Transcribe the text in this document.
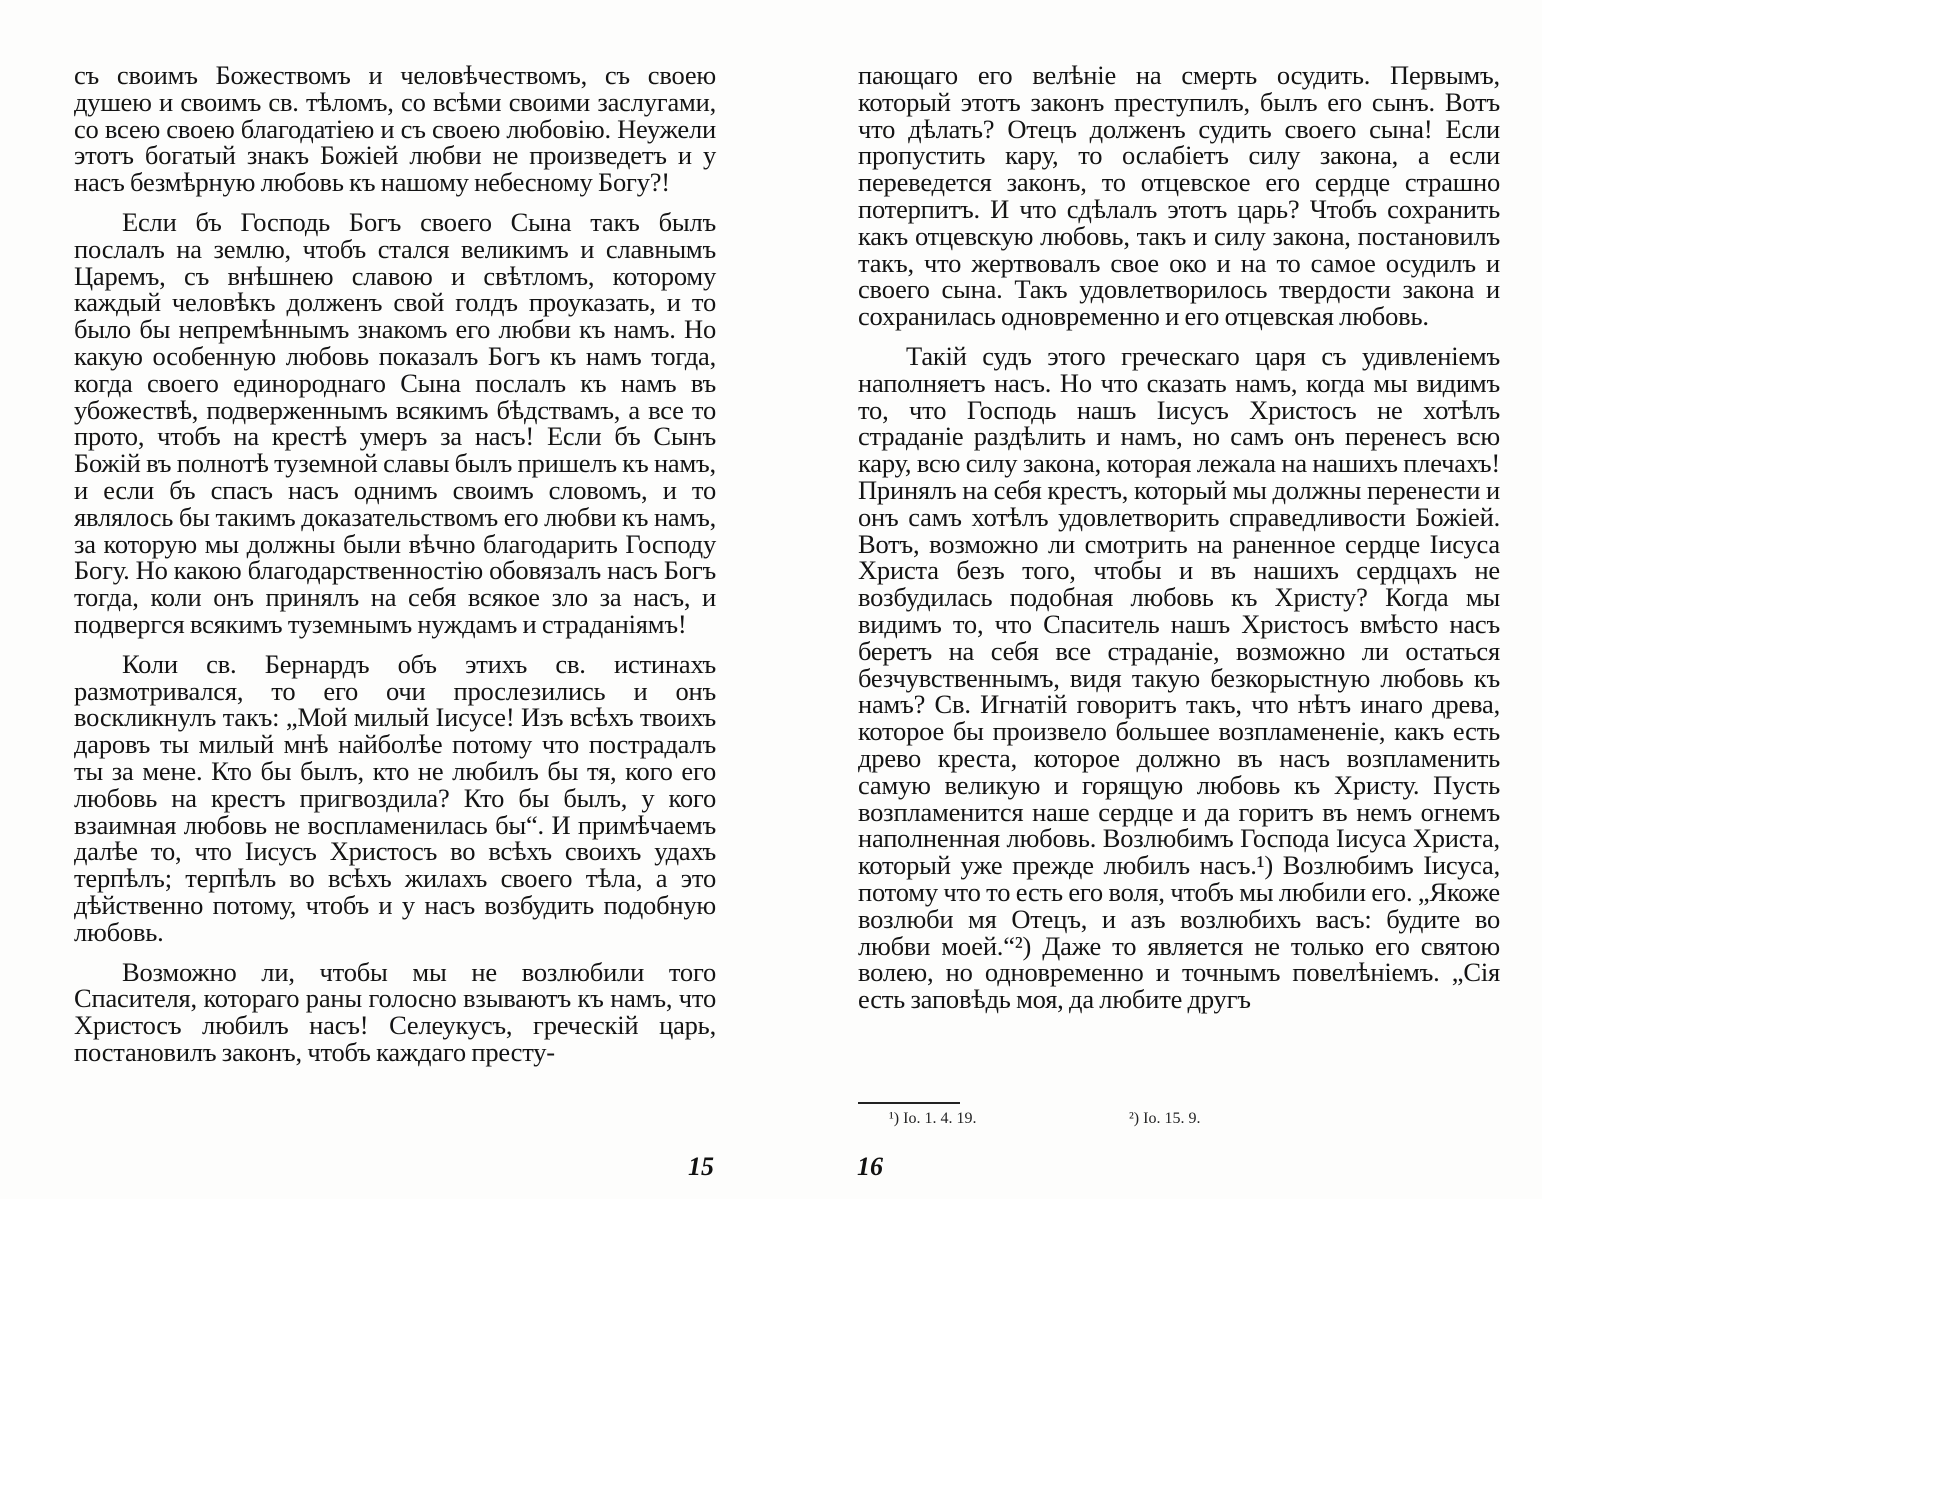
съ своимъ Божествомъ и человѣчествомъ, съ своею душею и своимъ св. тѣломъ, со всѣми своими заслугами, со всею своею благодатiею и съ своею любовiю. Неужели этотъ богатый знакъ Божiей любви не произведетъ и у насъ безмѣрную любовь къ нашому небесному Богу?!

Если бъ Господь Богъ своего Сына такъ былъ послалъ на землю, чтобъ стался великимъ и славнымъ Царемъ, съ внѣшнею славою и свѣтломъ, которому каждый человѣкъ долженъ свой голдъ проуказать, и то было бы непремѣннымъ знакомъ его любви къ намъ. Но какую особенную любовь показалъ Богъ къ намъ тогда, когда своего единороднаго Сына послалъ къ намъ въ убожествѣ, подверженнымъ всякимъ бѣдствамъ, а все то прото, чтобъ на крестѣ умеръ за насъ! Если бъ Сынъ Божiй въ полнотѣ туземной славы былъ пришелъ къ намъ, и если бъ спасъ насъ однимъ своимъ словомъ, и то являлось бы такимъ доказательствомъ его любви къ намъ, за которую мы должны были вѣчно благодарить Господу Богу. Но какою благодарственностiю обовязалъ насъ Богъ тогда, коли онъ принялъ на себя всякое зло за насъ, и подвергся всякимъ туземнымъ нуждамъ и страданiямъ!

Коли св. Бернардъ объ этихъ св. истинахъ размотривался, то его очи прослезились и онъ воскликнулъ такъ: „Мой милый Iисусе! Изъ всѣхъ твоихъ даровъ ты милый мнѣ найболѣе потому что пострадалъ ты за мене. Кто бы былъ, кто не любилъ бы тя, кого его любовь на крестъ пригвоздила? Кто бы былъ, у кого взаимная любовь не воспламенилась бы“. И примѣчаемъ далѣе то, что Iисусъ Христосъ во всѣхъ своихъ удахъ терпѣлъ; терпѣлъ во всѣхъ жилахъ своего тѣла, а это дѣйственно потому, чтобъ и у насъ возбудить подобную любовь.

Возможно ли, чтобы мы не возлюбили того Спасителя, котораго раны голосно взываютъ къ намъ, что Христосъ любилъ насъ! Селеукусъ, греческiй царь, постановилъ законъ, чтобъ каждаго престу-

15

пающаго его велѣнiе на смерть осудить. Первымъ, который этотъ законъ преступилъ, былъ его сынъ. Вотъ что дѣлать? Отецъ долженъ судить своего сына! Если пропустить кару, то ослабiетъ силу закона, а если переведется законъ, то отцевское его сердце страшно потерпитъ. И что сдѣлалъ этотъ царь? Чтобъ сохранить какъ отцевскую любовь, такъ и силу закона, постановилъ такъ, что жертвовалъ свое око и на то самое осудилъ и своего сына. Такъ удовлетворилось твердости закона и сохранилась одновременно и его отцевская любовь.

Такiй судъ этого греческаго царя съ удивленiемъ наполняетъ насъ. Но что сказать намъ, когда мы видимъ то, что Господь нашъ Iисусъ Христосъ не хотѣлъ страданiе раздѣлить и намъ, но самъ онъ перенесъ всю кару, всю силу закона, которая лежала на нашихъ плечахъ! Принялъ на себя крестъ, который мы должны перенести и онъ самъ хотѣлъ удовлетворить справедливости Божiей. Вотъ, возможно ли смотрить на раненное сердце Iисуса Христа безъ того, чтобы и въ нашихъ сердцахъ не возбудилась подобная любовь къ Христу? Когда мы видимъ то, что Спаситель нашъ Христосъ вмѣсто насъ беретъ на себя все страданiе, возможно ли остаться безчувственнымъ, видя такую безкорыстную любовь къ намъ? Св. Игнатiй говоритъ такъ, что нѣтъ инаго древа, которое бы произвело большее возпламененiе, какъ есть древо креста, которое должно въ насъ возпламенить самую великую и горящую любовь къ Христу. Пусть возпламенится наше сердце и да горитъ въ немъ огнемъ наполненная любовь. Возлюбимъ Господа Iисуса Христа, который уже прежде любилъ насъ.¹) Возлюбимъ Iисуса, потому что то есть его воля, чтобъ мы любили его. „Якоже возлюби мя Отецъ, и азъ возлюбихъ васъ: будите во любви моей.“²) Даже то является не только его святою волею, но одновременно и точнымъ повелѣнiемъ. „Сiя есть заповѣдь моя, да любите другъ

¹) Iо. 1. 4. 19.	²) Iо. 15. 9.
16
